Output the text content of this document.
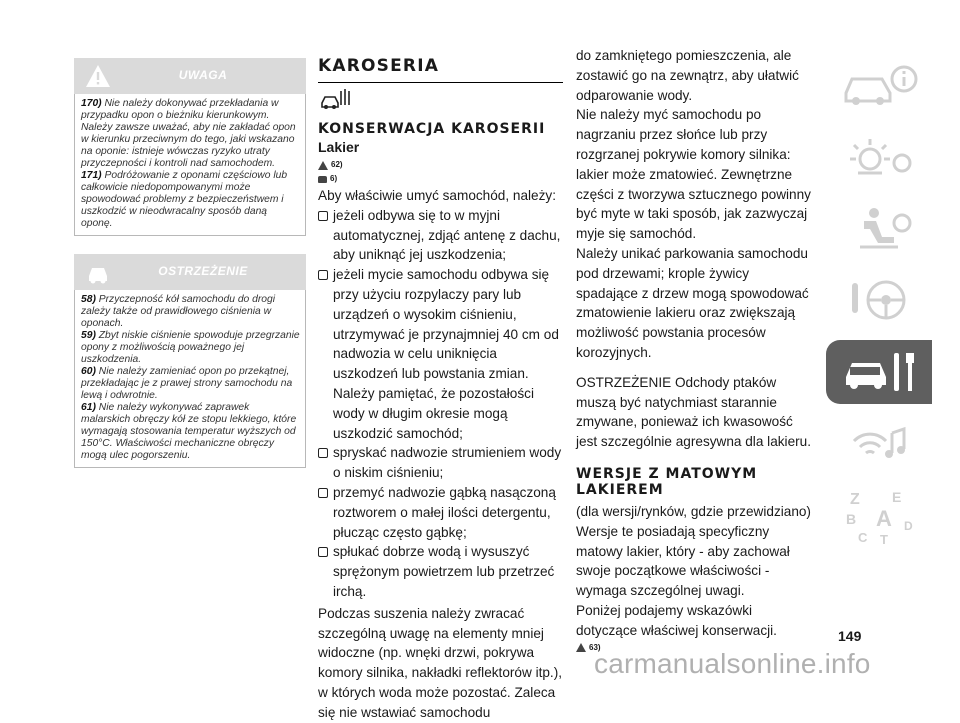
UWAGA

170) Nie należy dokonywać przekładania w przypadku opon o bieżniku kierunkowym. Należy zawsze uważać, aby nie zakładać opon w kierunku przeciwnym do tego, jaki wskazano na oponie: istnieje wówczas ryzyko utraty przyczepności i kontroli nad samochodem.

171) Podróżowanie z oponami częściowo lub całkowicie niedopompowanymi może spowodować problemy z bezpieczeństwem i uszkodzić w nieodwracalny sposób daną oponę.

OSTRZEŻENIE

58) Przyczepność kół samochodu do drogi zależy także od prawidłowego ciśnienia w oponach.

59) Zbyt niskie ciśnienie spowoduje przegrzanie opony z możliwością poważnego jej uszkodzenia.

60) Nie należy zamieniać opon po przekątnej, przekładając je z prawej strony samochodu na lewą i odwrotnie.

61) Nie należy wykonywać zaprawek malarskich obręczy kół ze stopu lekkiego, które wymagają stosowania temperatur wyższych od 150°C. Właściwości mechaniczne obręczy mogą ulec pogorszeniu.

KAROSERIA
KONSERWACJA KAROSERII
Lakier
62)
6)

Aby właściwie umyć samochód, należy:

jeżeli odbywa się to w myjni automatycznej, zdjąć antenę z dachu, aby uniknąć jej uszkodzenia;
jeżeli mycie samochodu odbywa się przy użyciu rozpylaczy pary lub urządzeń o wysokim ciśnieniu, utrzymywać je przynajmniej 40 cm od nadwozia w celu uniknięcia uszkodzeń lub powstania zmian. Należy pamiętać, że pozostałości wody w długim okresie mogą uszkodzić samochód;
spryskać nadwozie strumieniem wody o niskim ciśnieniu;
przemyć nadwozie gąbką nasączoną roztworem o małej ilości detergentu, płucząc często gąbkę;
spłukać dobrze wodą i wysuszyć sprężonym powietrzem lub przetrzeć irchą.

Podczas suszenia należy zwracać szczególną uwagę na elementy mniej widoczne (np. wnęki drzwi, pokrywa komory silnika, nakładki reflektorów itp.), w których woda może pozostać. Zaleca się nie wstawiać samochodu

do zamkniętego pomieszczenia, ale zostawić go na zewnątrz, aby ułatwić odparowanie wody.

Nie należy myć samochodu po nagrzaniu przez słońce lub przy rozgrzanej pokrywie komory silnika: lakier może zmatowieć. Zewnętrzne części z tworzywa sztucznego powinny być myte w taki sposób, jak zazwyczaj myje się samochód.

Należy unikać parkowania samochodu pod drzewami; krople żywicy spadające z drzew mogą spowodować zmatowienie lakieru oraz zwiększają możliwość powstania procesów korozyjnych.

OSTRZEŻENIE Odchody ptaków muszą być natychmiast starannie zmywane, ponieważ ich kwasowość jest szczególnie agresywna dla lakieru.

WERSJE Z MATOWYM LAKIEREM

(dla wersji/rynków, gdzie przewidziano)

Wersje te posiadają specyficzny matowy lakier, który - aby zachował swoje początkowe właściwości - wymaga szczególnej uwagi.

Poniżej podajemy wskazówki dotyczące właściwej konserwacji.

63)
Z E
B A
C T
D
149
carmanualsonline.info
